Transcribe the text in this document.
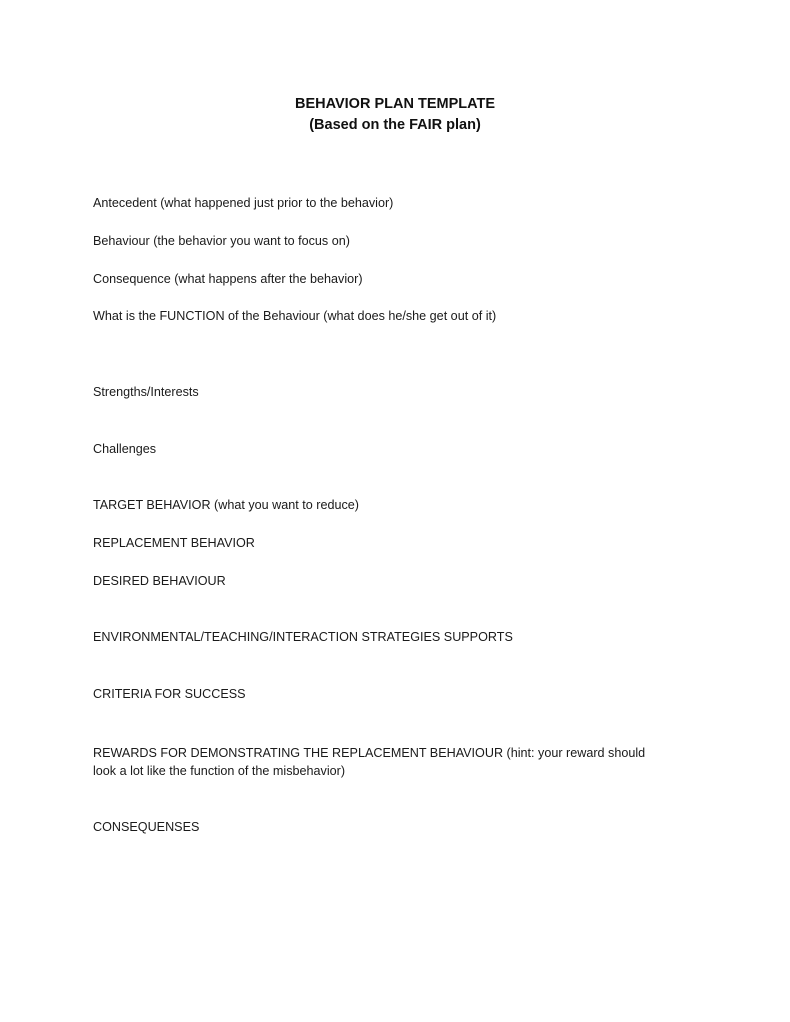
BEHAVIOR PLAN TEMPLATE
(Based on the FAIR plan)
Antecedent (what happened just prior to the behavior)
Behaviour (the behavior you want to focus on)
Consequence (what happens after the behavior)
What is the FUNCTION of the Behaviour (what does he/she get out of it)
Strengths/Interests
Challenges
TARGET BEHAVIOR (what you want to reduce)
REPLACEMENT BEHAVIOR
DESIRED BEHAVIOUR
ENVIRONMENTAL/TEACHING/INTERACTION STRATEGIES SUPPORTS
CRITERIA FOR SUCCESS
REWARDS FOR DEMONSTRATING THE REPLACEMENT BEHAVIOUR (hint: your reward should
look a lot like the function of the misbehavior)
CONSEQUENSES
